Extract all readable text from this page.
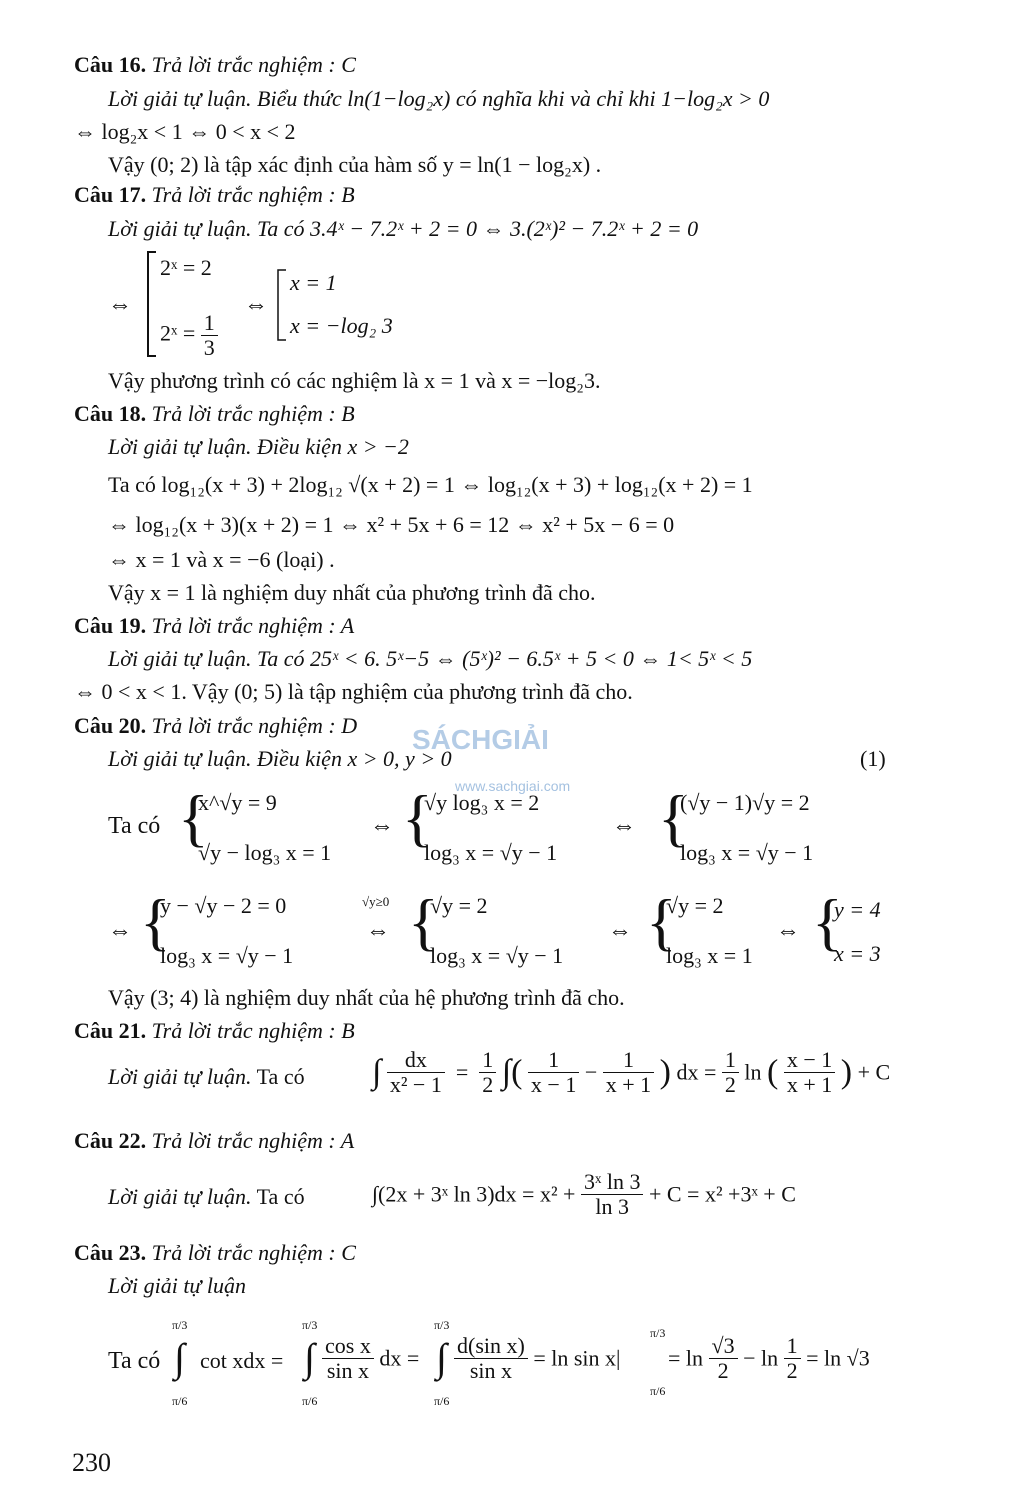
SÁCHGIẢI
www.sachgiai.com
Câu 16. Trả lời trắc nghiệm : C
Lời giải tự luận. Biểu thức ln(1−log₂x) có nghĩa khi và chỉ khi 1−log₂x > 0
⇔ log₂x < 1 ⇔ 0 < x < 2
Vậy (0; 2) là tập xác định của hàm số y = ln(1 − log₂x) .
Câu 17. Trả lời trắc nghiệm : B
Lời giải tự luận. Ta có 3.4ˣ − 7.2ˣ + 2 = 0 ⇔ 3.(2ˣ)² − 7.2ˣ + 2 = 0
⇔
2ˣ = 2
2ˣ = $\frac{1}{3}$
⇔
x = 1
x = −log₂ 3
Vậy phương trình có các nghiệm là x = 1 và x = −log₂3.
Câu 18. Trả lời trắc nghiệm : B
Lời giải tự luận. Điều kiện x > −2
Ta có log₁₂(x + 3) + 2log₁₂ √(x + 2) = 1 ⇔ log₁₂(x + 3) + log₁₂(x + 2) = 1
⇔ log₁₂(x + 3)(x + 2) = 1 ⇔ x² + 5x + 6 = 12 ⇔ x² + 5x − 6 = 0
⇔ x = 1 và x = −6 (loại) .
Vậy x = 1 là nghiệm duy nhất của phương trình đã cho.
Câu 19. Trả lời trắc nghiệm : A
Lời giải tự luận. Ta có 25ˣ < 6. 5ˣ−5 ⇔ (5ˣ)² − 6.5ˣ + 5 < 0 ⇔ 1< 5ˣ < 5
⇔ 0 < x < 1. Vậy (0; 5) là tập nghiệm của phương trình đã cho.
Câu 20. Trả lời trắc nghiệm : D
Lời giải tự luận. Điều kiện x > 0, y > 0	(1)
Ta có {
x^√y = 9
√y − log₃ x = 1
⇔ {
√y log₃ x = 2
log₃ x = √y − 1
⇔ {
(√y − 1)√y = 2
log₃ x = √y − 1
⇔ {
y − √y − 2 = 0
log₃ x = √y − 1
√y≥0
⇔ {
√y = 2
log₃ x = √y − 1
⇔ {
√y = 2
log₃ x = 1
⇔ {
y = 4
x = 3
Vậy (3; 4) là nghiệm duy nhất của hệ phương trình đã cho.
Câu 21. Trả lời trắc nghiệm : B
Lời giải tự luận. Ta có ∫ $\frac{dx}{\text{x² − 1}} = \frac{1}{2}$ ∫( $\frac{1}{x - 1} - \frac{1}{x + 1}$ ) dx = $\frac{1}{2}$ ln ( $\frac{x - 1}{x + 1}$ ) + C
Câu 22. Trả lời trắc nghiệm : A
Lời giải tự luận. Ta có	∫(2x + 3ˣ $\ln 3)dx = x^2 + \frac{\text{3ˣ ln 3}}{\ln 3} + C = x^2$ +3ˣ + C
Câu 23. Trả lời trắc nghiệm : C
Lời giải tự luận
Ta có
π/3
∫
π/6
cot xdx =
π/3
∫
π/6
$\frac{\text{cos x}}{\text{sin x}}$ dx =
π/3
∫
π/6
$\frac{\text{d(sin x)}}{\text{sin x}} = \ln \sin x|$
π/3
π/6
= $\ln \frac{√3}{2} - \ln \frac{1}{2} = \ln √3$
230
